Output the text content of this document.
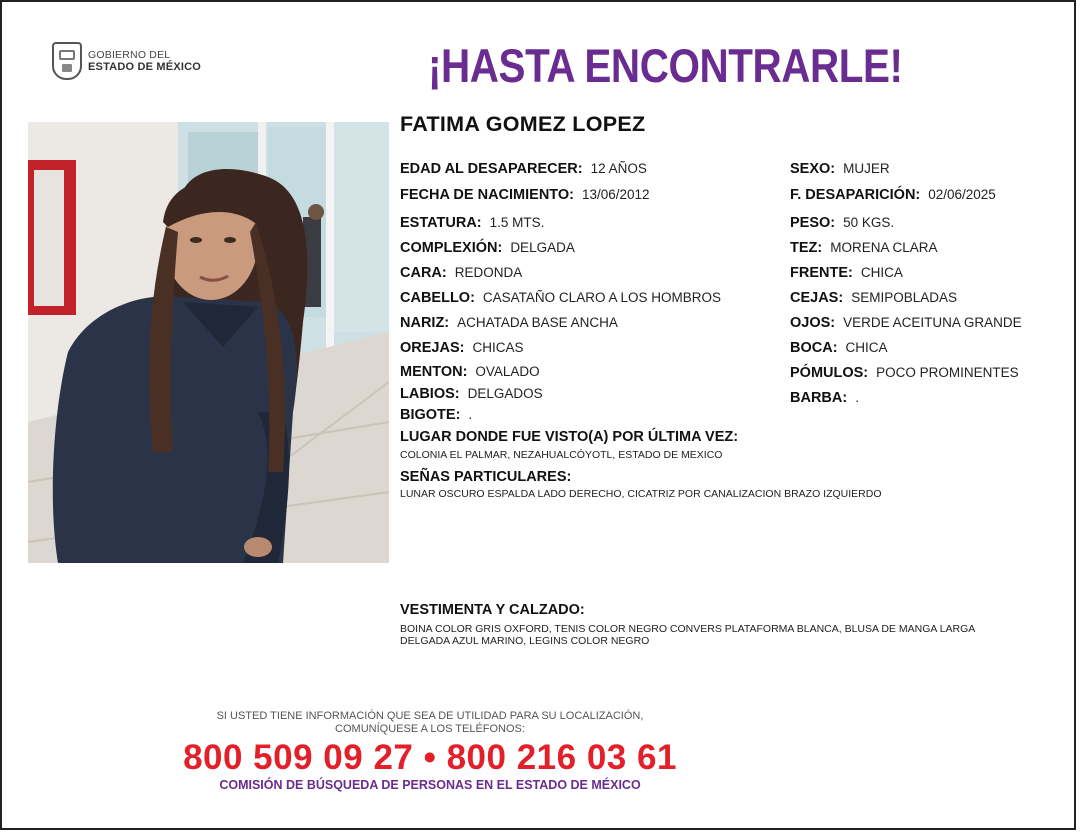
GOBIERNO DEL
ESTADO DE MÉXICO	¡HASTA ENCONTRARLE!
FATIMA GOMEZ LOPEZ
EDAD AL DESAPARECER: 12 AÑOS
FECHA DE NACIMIENTO: 13/06/2012
ESTATURA: 1.5 MTS.
COMPLEXIÓN: DELGADA
CARA: REDONDA
CABELLO: CASATAÑO CLARO A LOS HOMBROS
NARIZ: ACHATADA BASE ANCHA
OREJAS: CHICAS
MENTON: OVALADO
LABIOS: DELGADOS
BIGOTE: .
SEXO: MUJER
F. DESAPARICIÓN: 02/06/2025
PESO: 50 KGS.
TEZ: MORENA CLARA
FRENTE: CHICA
CEJAS: SEMIPOBLADAS
OJOS: VERDE ACEITUNA GRANDE
BOCA: CHICA
PÓMULOS: POCO PROMINENTES
BARBA: .
LUGAR DONDE FUE VISTO(A) POR ÚLTIMA VEZ:
COLONIA EL PALMAR, NEZAHUALCÓYOTL, ESTADO DE MEXICO
SEÑAS PARTICULARES:
LUNAR OSCURO ESPALDA LADO DERECHO, CICATRIZ POR CANALIZACION BRAZO IZQUIERDO
VESTIMENTA Y CALZADO:
BOINA COLOR GRIS OXFORD, TENIS COLOR NEGRO CONVERS PLATAFORMA BLANCA, BLUSA DE MANGA LARGA
DELGADA AZUL MARINO, LEGINS COLOR NEGRO
SI USTED TIENE INFORMACIÓN QUE SEA DE UTILIDAD PARA SU LOCALIZACIÓN,
COMUNÍQUESE A LOS TELÉFONOS:
800 509 09 27 • 800 216 03 61
COMISIÓN DE BÚSQUEDA DE PERSONAS EN EL ESTADO DE MÉXICO
